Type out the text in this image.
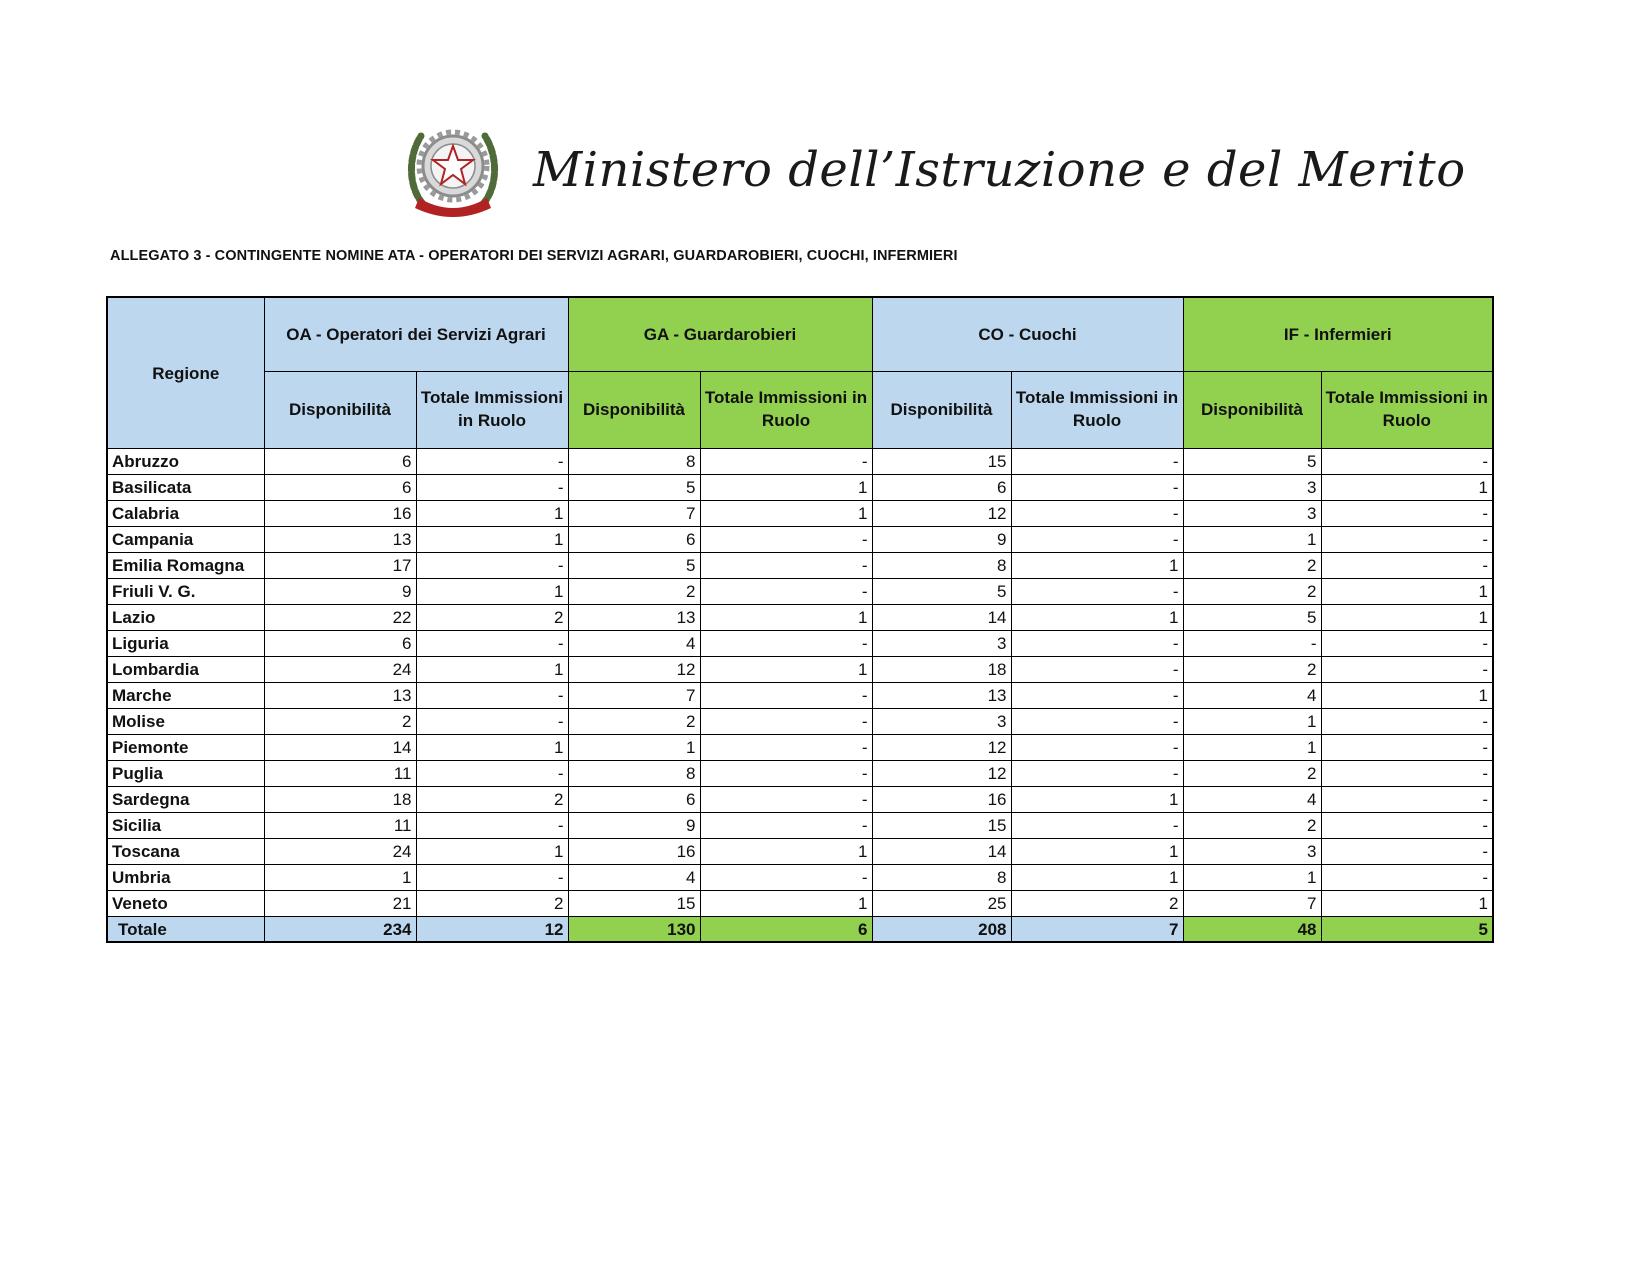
Ministero dell’Istruzione e del Merito
ALLEGATO 3 - CONTINGENTE NOMINE ATA - OPERATORI DEI SERVIZI AGRARI, GUARDAROBIERI, CUOCHI, INFERMIERI
Regione	OA - Operatori dei Servizi Agrari		GA - Guardarobieri		CO - Cuochi		IF - Infermieri	
	Disponibilità	Totale Immissioni in Ruolo	Disponibilità	Totale Immissioni in Ruolo	Disponibilità	Totale Immissioni in Ruolo	Disponibilità	Totale Immissioni in Ruolo
Abruzzo	6	-	8	-	15	-	5	-
Basilicata	6	-	5	1	6	-	3	1
Calabria	16	1	7	1	12	-	3	-
Campania	13	1	6	-	9	-	1	-
Emilia Romagna	17	-	5	-	8	1	2	-
Friuli V. G.	9	1	2	-	5	-	2	1
Lazio	22	2	13	1	14	1	5	1
Liguria	6	-	4	-	3	-	-	-
Lombardia	24	1	12	1	18	-	2	-
Marche	13	-	7	-	13	-	4	1
Molise	2	-	2	-	3	-	1	-
Piemonte	14	1	1	-	12	-	1	-
Puglia	11	-	8	-	12	-	2	-
Sardegna	18	2	6	-	16	1	4	-
Sicilia	11	-	9	-	15	-	2	-
Toscana	24	1	16	1	14	1	3	-
Umbria	1	-	4	-	8	1	1	-
Veneto	21	2	15	1	25	2	7	1
Totale	234	12	130	6	208	7	48	5
